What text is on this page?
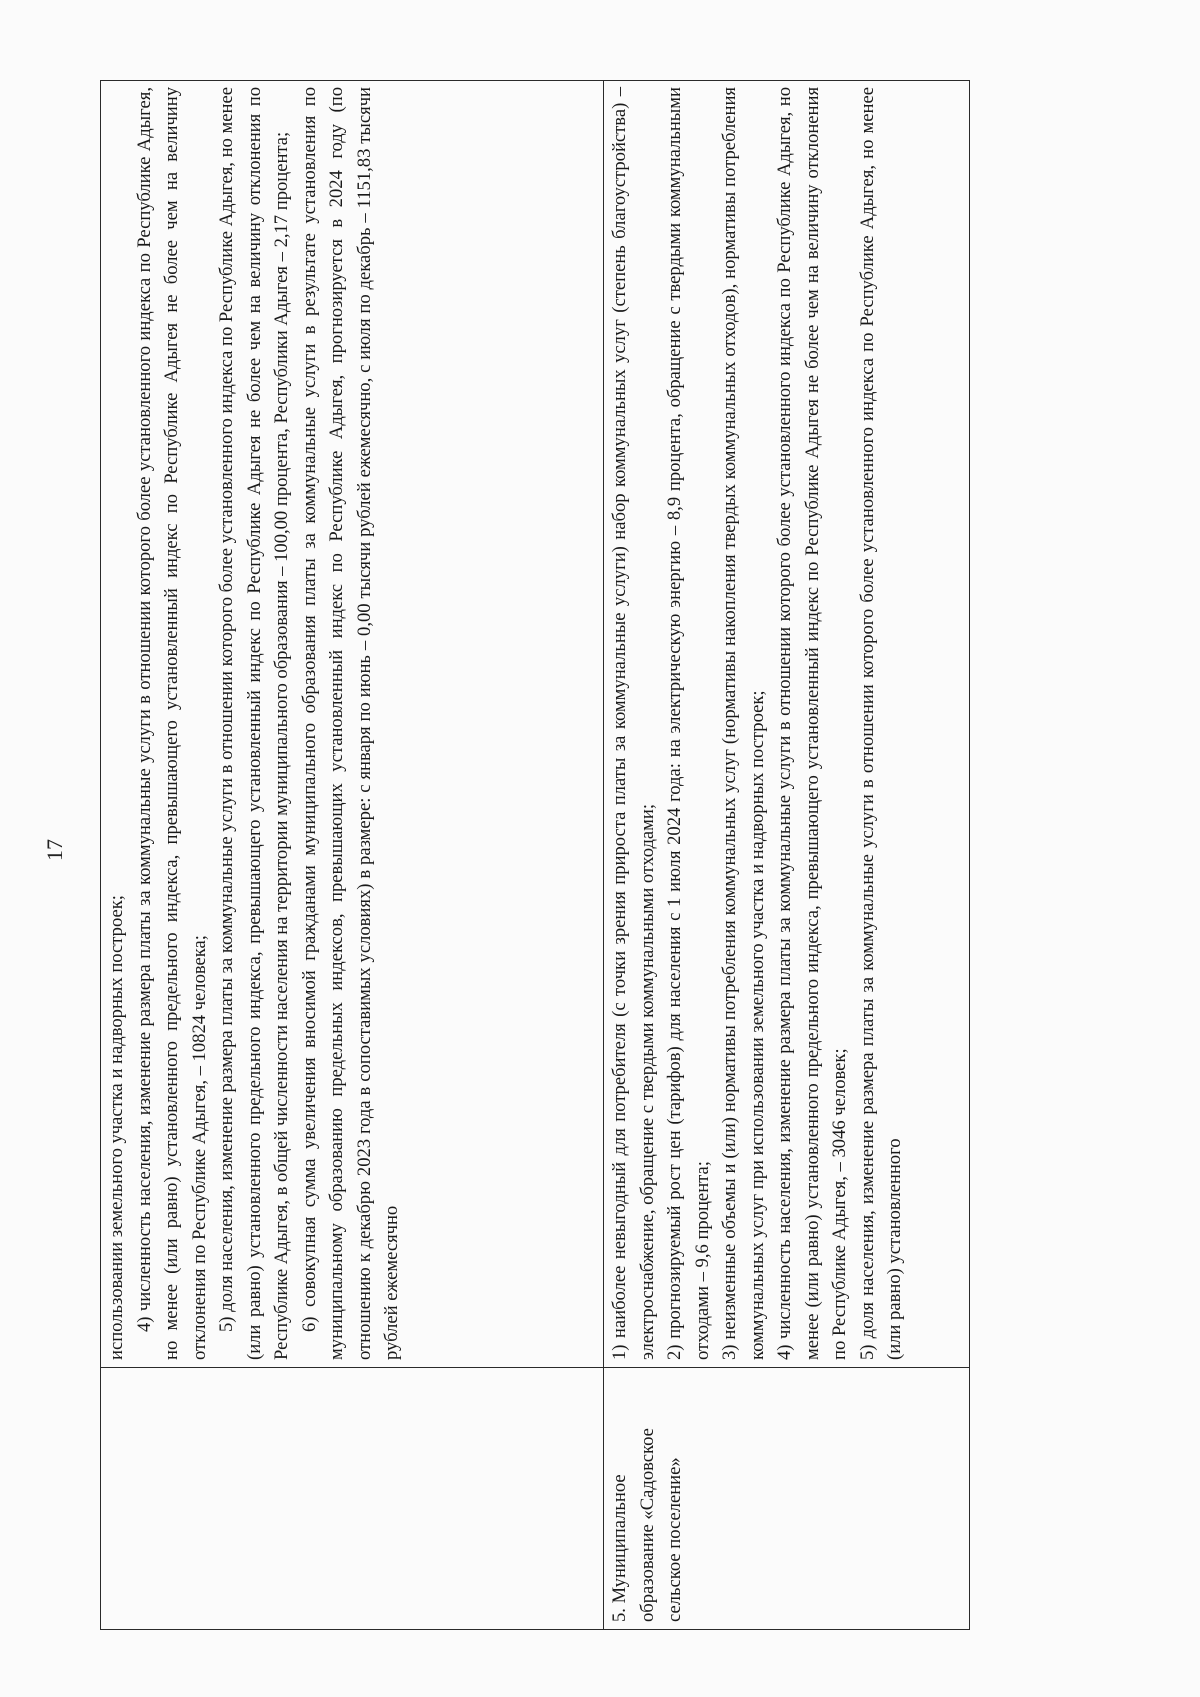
17

	использовании земельного участка и надворных построек; 4) численность населения, изменение размера платы за коммунальные услуги в отношении которого более установленного индекса по Республике Адыгея, но менее (или равно) установленного предельного индекса, превышающего установленный индекс по Республике Адыгея не более чем на величину отклонения по Республике Адыгея, – 10824 человека; 5) доля населения, изменение размера платы за коммунальные услуги в отношении которого более установленного индекса по Республике Адыгея, но менее (или равно) установленного предельного индекса, превышающего установленный индекс по Республике Адыгея не более чем на величину отклонения по Республике Адыгея, в общей численности населения на территории муниципального образования – 100,00 процента, Республики Адыгея – 2,17 процента; 6) совокупная сумма увеличения вносимой гражданами муниципального образования платы за коммунальные услуги в результате установления по муниципальному образованию предельных индексов, превышающих установленный индекс по Республике Адыгея, прогнозируется в 2024 году (по отношению к декабрю 2023 года в сопоставимых условиях) в размере: с января по июнь – 0,00 тысячи рублей ежемесячно, с июля по декабрь – 1151,83 тысячи рублей ежемесячно

5. Муниципальное образование «Садовское сельское поселение»	1) наиболее невыгодный для потребителя (с точки зрения прироста платы за коммунальные услуги) набор коммунальных услуг (степень благоустройства) – электроснабжение, обращение с твердыми коммунальными отходами; 2) прогнозируемый рост цен (тарифов) для населения с 1 июля 2024 года: на электрическую энергию – 8,9 процента, обращение с твердыми коммунальными отходами – 9,6 процента; 3) неизменные объемы и (или) нормативы потребления коммунальных услуг (нормативы накопления твердых коммунальных отходов), нормативы потребления коммунальных услуг при использовании земельного участка и надворных построек; 4) численность населения, изменение размера платы за коммунальные услуги в отношении которого более установленного индекса по Республике Адыгея, но менее (или равно) установленного предельного индекса, превышающего установленный индекс по Республике Адыгея не более чем на величину отклонения по Республике Адыгея, – 3046 человек; 5) доля населения, изменение размера платы за коммунальные услуги в отношении которого более установленного индекса по Республике Адыгея, но менее (или равно) установленного
